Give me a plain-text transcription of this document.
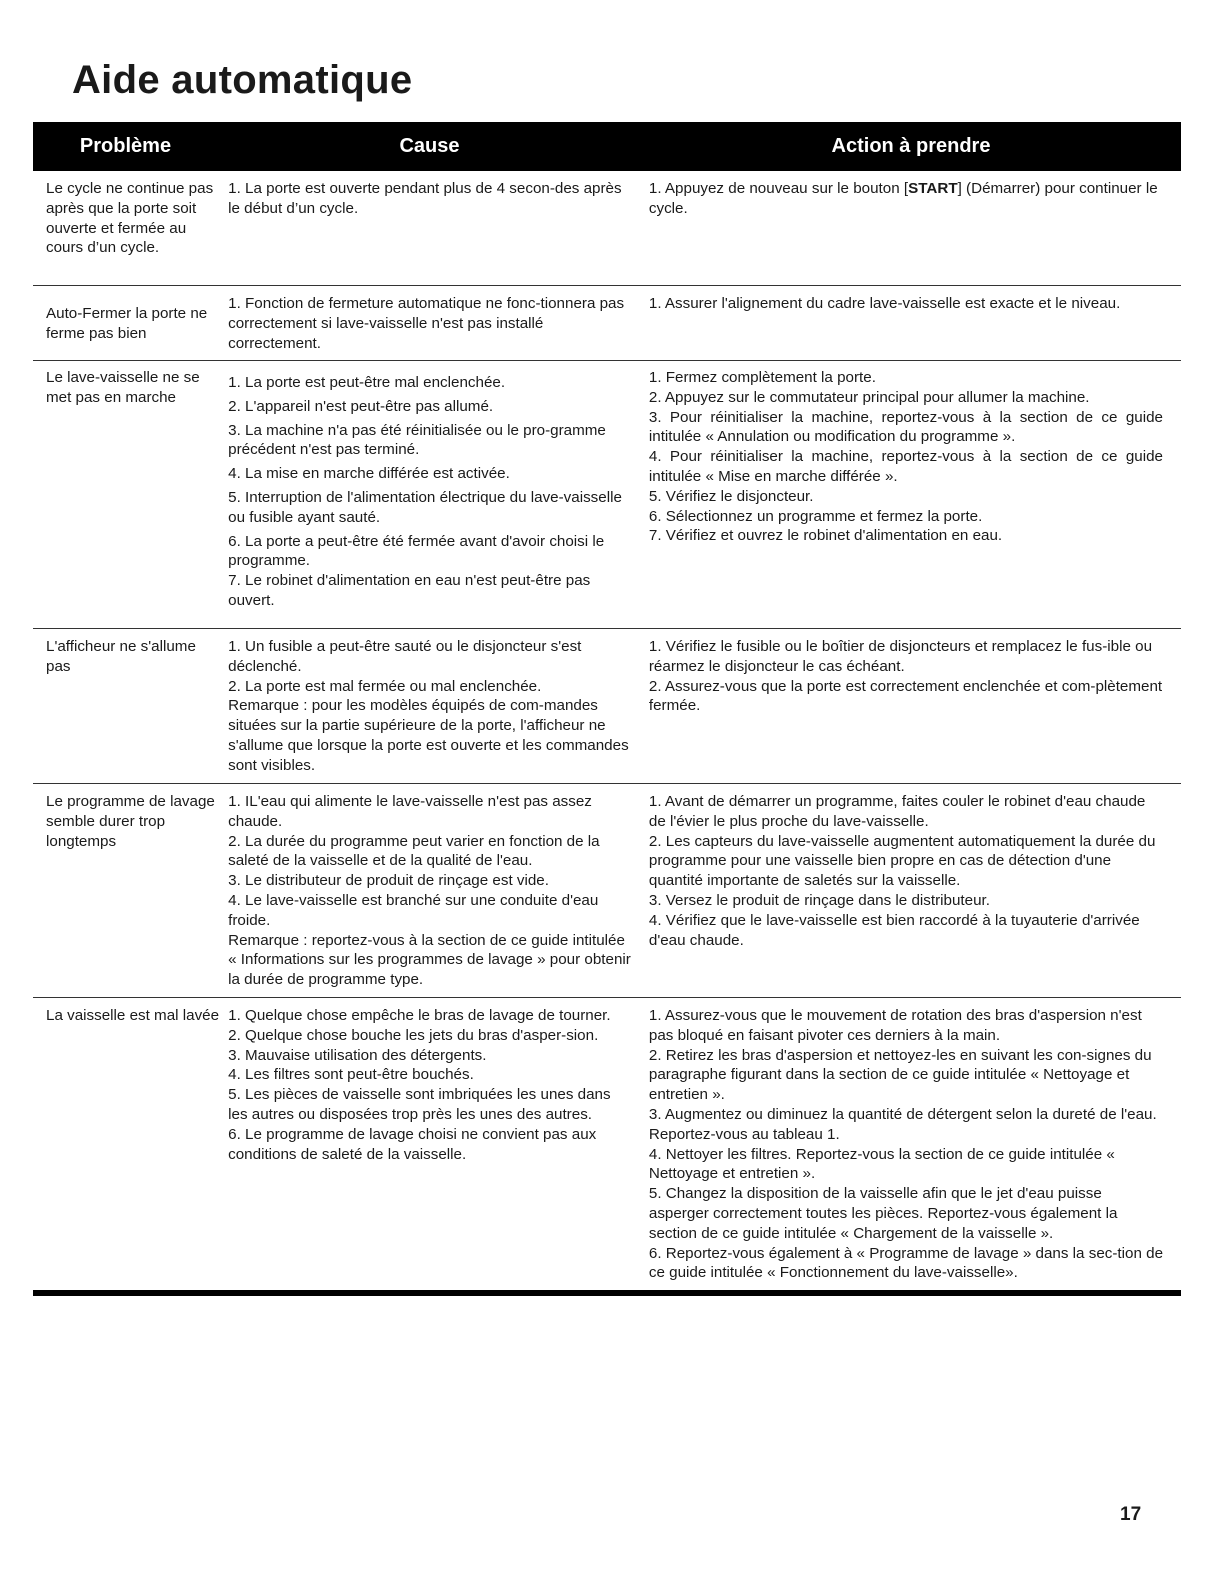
Aide automatique
Problème	Cause	Action à prendre
Le cycle ne continue pas après que la porte soit ouverte et fermée au cours d’un cycle.
1. La porte est ouverte pendant plus de 4 secon-des après le début d’un cycle.
1. Appuyez de nouveau sur le bouton [START] (Démarrer) pour continuer le cycle.
Auto-Fermer la porte ne ferme pas bien
1. Fonction de fermeture automatique ne fonc-tionnera pas correctement si lave-vaisselle n'est pas installé correctement.
1. Assurer l'alignement du cadre lave-vaisselle est exacte et le niveau.
Le lave-vaisselle ne se met pas en marche
1. La porte est peut-être mal enclenchée.
2. L'appareil n'est peut-être pas allumé.
3. La machine n'a pas été réinitialisée ou le pro-gramme précédent n'est pas terminé.
4. La mise en marche différée est activée.
5. Interruption de l'alimentation électrique du lave-vaisselle ou fusible ayant sauté.
6. La porte a peut-être été fermée avant d'avoir choisi le programme.
7. Le robinet d'alimentation en eau n'est peut-être pas ouvert.
1. Fermez complètement la porte.
2. Appuyez sur le commutateur principal pour allumer la machine.
3. Pour réinitialiser la machine, reportez-vous à la section de ce guide intitulée « Annulation ou modification du programme ».
4. Pour réinitialiser la machine, reportez-vous à la section de ce guide intitulée « Mise en marche différée ».
5. Vérifiez le disjoncteur.
6. Sélectionnez un programme et fermez la porte.
7. Vérifiez et ouvrez le robinet d'alimentation en eau.
L'afficheur ne s'allume pas
1. Un fusible a peut-être sauté ou le disjoncteur s'est déclenché.
2. La porte est mal fermée ou mal enclenchée.
Remarque : pour les modèles équipés de com-mandes situées sur la partie supérieure de la porte, l'afficheur ne s'allume que lorsque la porte est ouverte et les commandes sont visibles.
1. Vérifiez le fusible ou le boîtier de disjoncteurs et remplacez le fus-ible ou réarmez le disjoncteur le cas échéant.
2. Assurez-vous que la porte est correctement enclenchée et com-plètement fermée.
Le programme de lavage semble durer trop longtemps
1. IL'eau qui alimente le lave-vaisselle n'est pas assez chaude.
2. La durée du programme peut varier en fonction de la saleté de la vaisselle et de la qualité de l'eau.
3. Le distributeur de produit de rinçage est vide.
4. Le lave-vaisselle est branché sur une conduite d'eau froide.
Remarque : reportez-vous à la section de ce guide intitulée « Informations sur les programmes de lavage » pour obtenir la durée de programme type.
1. Avant de démarrer un programme, faites couler le robinet d'eau chaude de l'évier le plus proche du lave-vaisselle.
2. Les capteurs du lave-vaisselle augmentent automatiquement la durée du programme pour une vaisselle bien propre en cas de détection d'une quantité importante de saletés sur la vaisselle.
3. Versez le produit de rinçage dans le distributeur.
4. Vérifiez que le lave-vaisselle est bien raccordé à la tuyauterie d'arrivée d'eau chaude.
La vaisselle est mal lavée 1. Quelque chose empêche le bras de lavage de tourner.
2. Quelque chose bouche les jets du bras d'asper-sion.
3. Mauvaise utilisation des détergents.
4. Les filtres sont peut-être bouchés.
5. Les pièces de vaisselle sont imbriquées les unes dans les autres ou disposées trop près les unes des autres.
6. Le programme de lavage choisi ne convient pas aux conditions de saleté de la vaisselle.
1. Assurez-vous que le mouvement de rotation des bras d'aspersion n'est pas bloqué en faisant pivoter ces derniers à la main.
2. Retirez les bras d'aspersion et nettoyez-les en suivant les con-signes du paragraphe figurant dans la section de ce guide intitulée « Nettoyage et entretien ».
3. Augmentez ou diminuez la quantité de détergent selon la dureté de l'eau. Reportez-vous au tableau 1.
4. Nettoyer les filtres. Reportez-vous la section de ce guide intitulée « Nettoyage et entretien ».
5. Changez la disposition de la vaisselle afin que le jet d'eau puisse asperger correctement toutes les pièces. Reportez-vous également la section de ce guide intitulée « Chargement de la vaisselle ».
6. Reportez-vous également à « Programme de lavage » dans la sec-tion de ce guide intitulée « Fonctionnement du lave-vaisselle».
17
